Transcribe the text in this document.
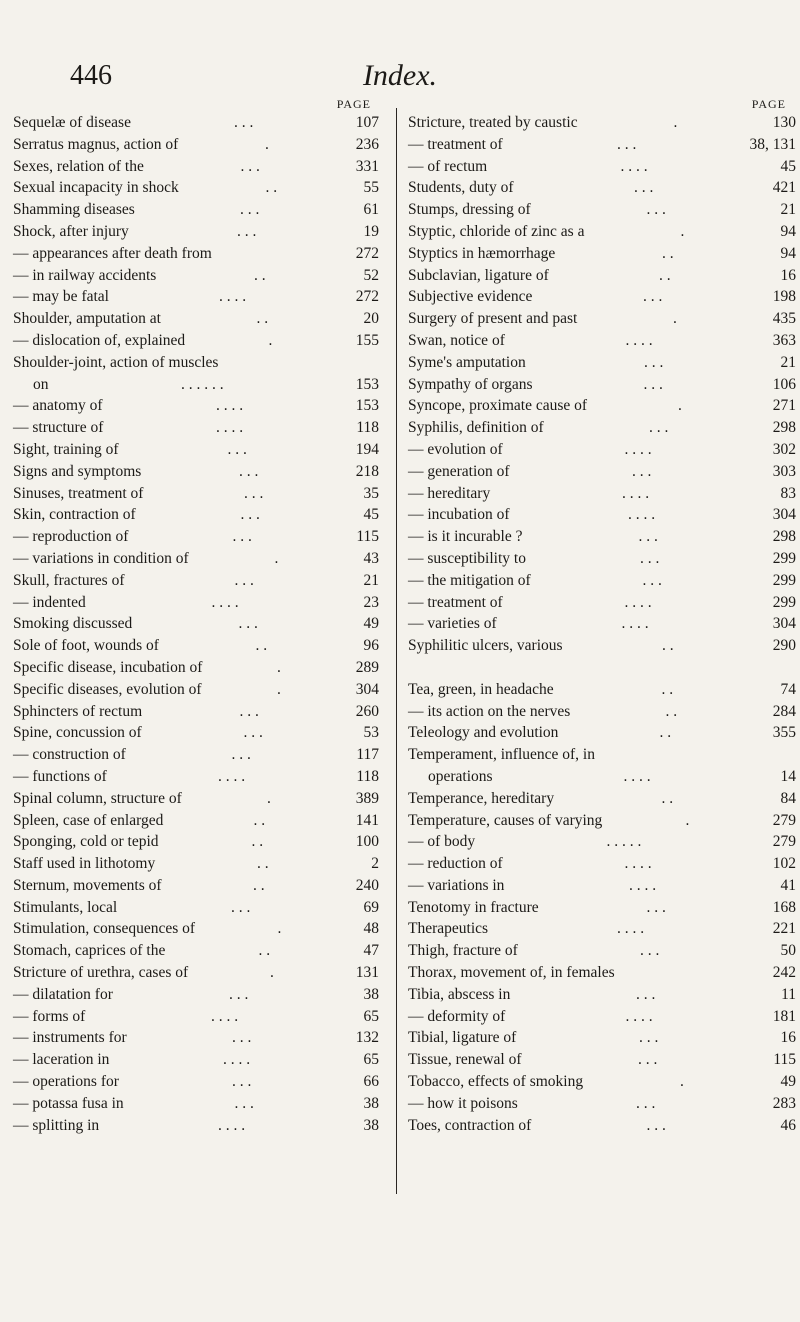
446	Index.
PAGE
Sequelæ of disease	. . .	107
Serratus magnus, action of	.	236
Sexes, relation of the	. . .	331
Sexual incapacity in shock	. .	55
Shamming diseases	. . .	61
Shock, after injury	. . .	19
— appearances after death from	272
— in railway accidents	. .	52
— may be fatal	. . . .	272
Shoulder, amputation at	. .	20
— dislocation of, explained	.	155
Shoulder-joint, action of muscles
on	. . . . . .	153
— anatomy of	. . . .	153
— structure of	. . . .	118
Sight, training of	. . .	194
Signs and symptoms	. . .	218
Sinuses, treatment of	. . .	35
Skin, contraction of	. . .	45
— reproduction of	. . .	115
— variations in condition of	.	43
Skull, fractures of	. . .	21
— indented	. . . .	23
Smoking discussed	. . .	49
Sole of foot, wounds of	. .	96
Specific disease, incubation of	.	289
Specific diseases, evolution of	.	304
Sphincters of rectum	. . .	260
Spine, concussion of	. . .	53
— construction of	. . .	117
— functions of	. . . .	118
Spinal column, structure of	.	389
Spleen, case of enlarged	. .	141
Sponging, cold or tepid	. .	100
Staff used in lithotomy	. .	2
Sternum, movements of	. .	240
Stimulants, local	. . .	69
Stimulation, consequences of	.	48
Stomach, caprices of the	. .	47
Stricture of urethra, cases of	.	131
— dilatation for	. . .	38
— forms of	. . . .	65
— instruments for	. . .	132
— laceration in	. . . .	65
— operations for	. . .	66
— potassa fusa in	. . .	38
— splitting in	. . . .	38
PAGE
Stricture, treated by caustic	.	130
— treatment of	. . .	38, 131
— of rectum	. . . .	45
Students, duty of	. . .	421
Stumps, dressing of	. . .	21
Styptic, chloride of zinc as a	.	94
Styptics in hæmorrhage	. .	94
Subclavian, ligature of	. .	16
Subjective evidence	. . .	198
Surgery of present and past	.	435
Swan, notice of	. . . .	363
Syme's amputation	. . .	21
Sympathy of organs	. . .	106
Syncope, proximate cause of	.	271
Syphilis, definition of	. . .	298
— evolution of	. . . .	302
— generation of	. . .	303
— hereditary	. . . .	83
— incubation of	. . . .	304
— is it incurable ?	. . .	298
— susceptibility to	. . .	299
— the mitigation of	. . .	299
— treatment of	. . . .	299
— varieties of	. . . .	304
Syphilitic ulcers, various	. .	290
Tea, green, in headache	. .	74
— its action on the nerves	. .	284
Teleology and evolution	. .	355
Temperament, influence of, in
operations	. . . .	14
Temperance, hereditary	. .	84
Temperature, causes of varying	.	279
— of body	. . . . .	279
— reduction of	. . . .	102
— variations in	. . . .	41
Tenotomy in fracture	. . .	168
Therapeutics	. . . .	221
Thigh, fracture of	. . .	50
Thorax, movement of, in females	242
Tibia, abscess in	. . .	11
— deformity of	. . . .	181
Tibial, ligature of	. . .	16
Tissue, renewal of	. . .	115
Tobacco, effects of smoking	.	49
— how it poisons	. . .	283
Toes, contraction of	. . .	46
